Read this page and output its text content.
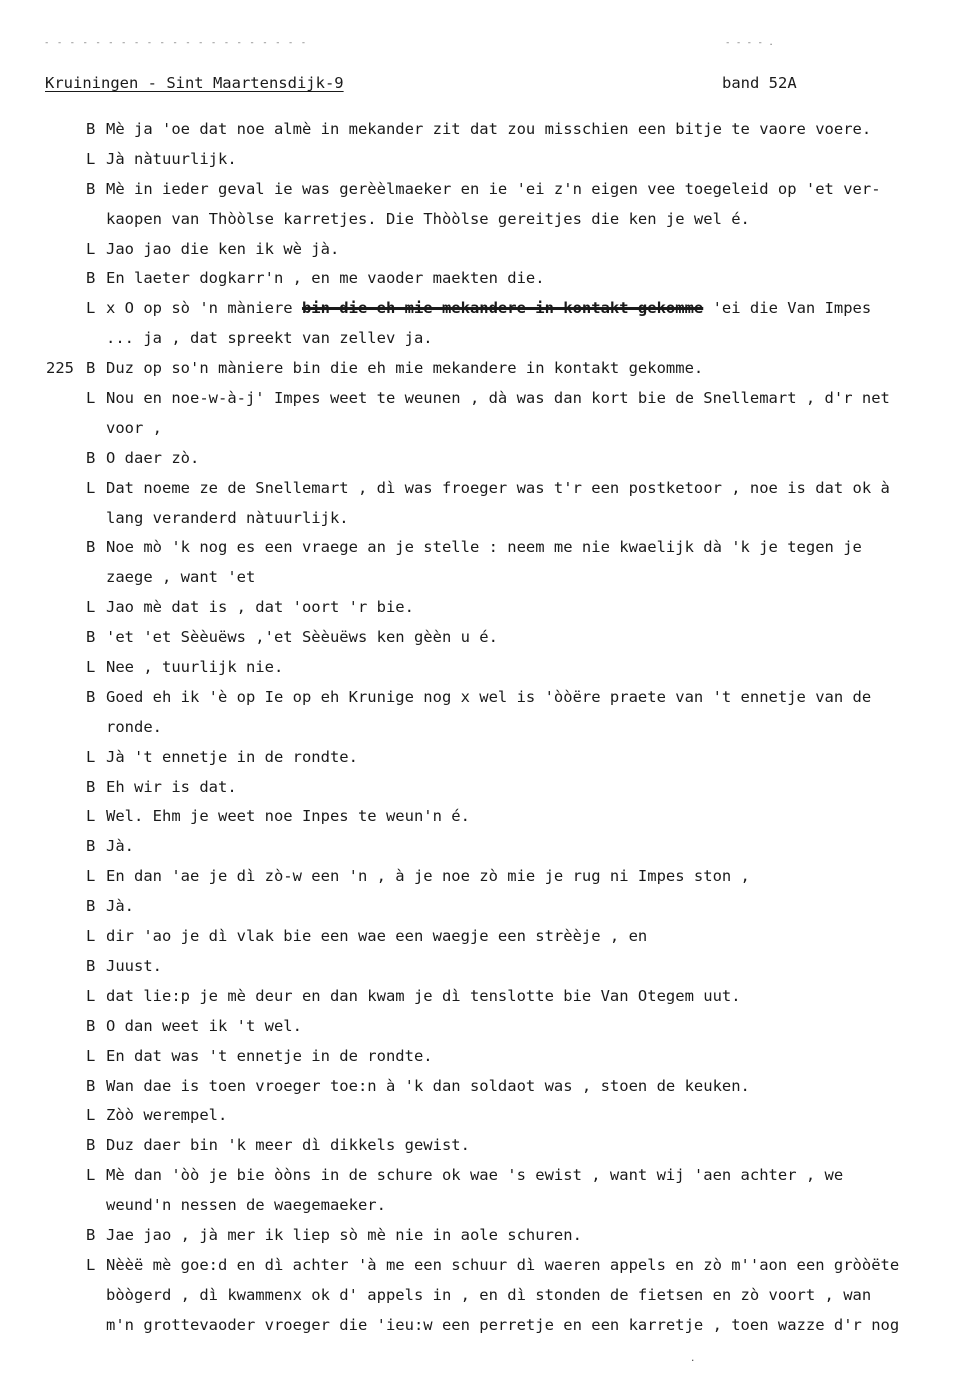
- - - - - - - - - - - - - - - - - - - - -	- - - - .
Kruiningen - Sint Maartensdijk-9	band 52A
B Mè ja 'oe dat noe almè in mekander zit dat zou misschien een bitje te vaore voere.
L Jà nàtuurlijk.
B Mè in ieder geval ie was gerèèlmaeker en ie 'ei z'n eigen vee toegeleid op 'et ver-
kaopen van Thòòlse karretjes. Die Thòòlse gereitjes die ken je wel é.
L Jao jao die ken ik wè jà.
B En laeter dogkarr'n , en me vaoder maekten die.
L x O op sò 'n màniere bin die eh mie mekandere in kontakt gekomme 'ei die Van Impes
... ja , dat spreekt van zellev ja.
225 B Duz op so'n màniere bin die eh mie mekandere in kontakt gekomme.
L Nou en noe-w-à-j' Impes weet te weunen , dà was dan kort bie de Snellemart , d'r net
voor ,
B O daer zò.
L Dat noeme ze de Snellemart , dì was froeger was t'r een postketoor , noe is dat ok à
lang veranderd nàtuurlijk.
B Noe mò 'k nog es een vraege an je stelle : neem me nie kwaelijk dà 'k je tegen je
zaege , want 'et
L Jao mè dat is , dat 'oort 'r bie.
B 'et 'et Sèèuëws ,'et Sèèuëws ken gèèn u é.
L Nee , tuurlijk nie.
B Goed eh ik 'è op Ie op eh Krunige nog x wel is 'òòëre praete van 't ennetje van de
ronde.
L Jà 't ennetje in de rondte.
B Eh wir is dat.
L Wel. Ehm je weet noe Inpes te weun'n é.
B Jà.
L En dan 'ae je dì zò-w een 'n , à je noe zò mie je rug ni Impes ston ,
B Jà.
L dir 'ao je dì vlak bie een wae een waegje een strèèje , en
B Juust.
L dat lie:p je mè deur en dan kwam je dì tenslotte bie Van Otegem uut.
B O dan weet ik 't wel.
L En dat was 't ennetje in de rondte.
B Wan dae is toen vroeger toe:n à 'k dan soldaot was , stoen de keuken.
L Zòò werempel.
B Duz daer bin 'k meer dì dikkels gewist.
L Mè dan 'òò je bie òòns in de schure ok wae 's ewist , want wij 'aen achter , we
weund'n nessen de waegemaeker.
B Jae jao , jà mer ik liep sò mè nie in aole schuren.
L Nèèë mè goe:d en dì achter 'à me een schuur dì waeren appels en zò m''aon een gròòëte
bòògerd , dì kwammenx ok d' appels in , en dì stonden de fietsen en zò voort , wan
m'n grottevaoder vroeger die 'ieu:w een perretje en een karretje , toen wazze d'r nog
.
